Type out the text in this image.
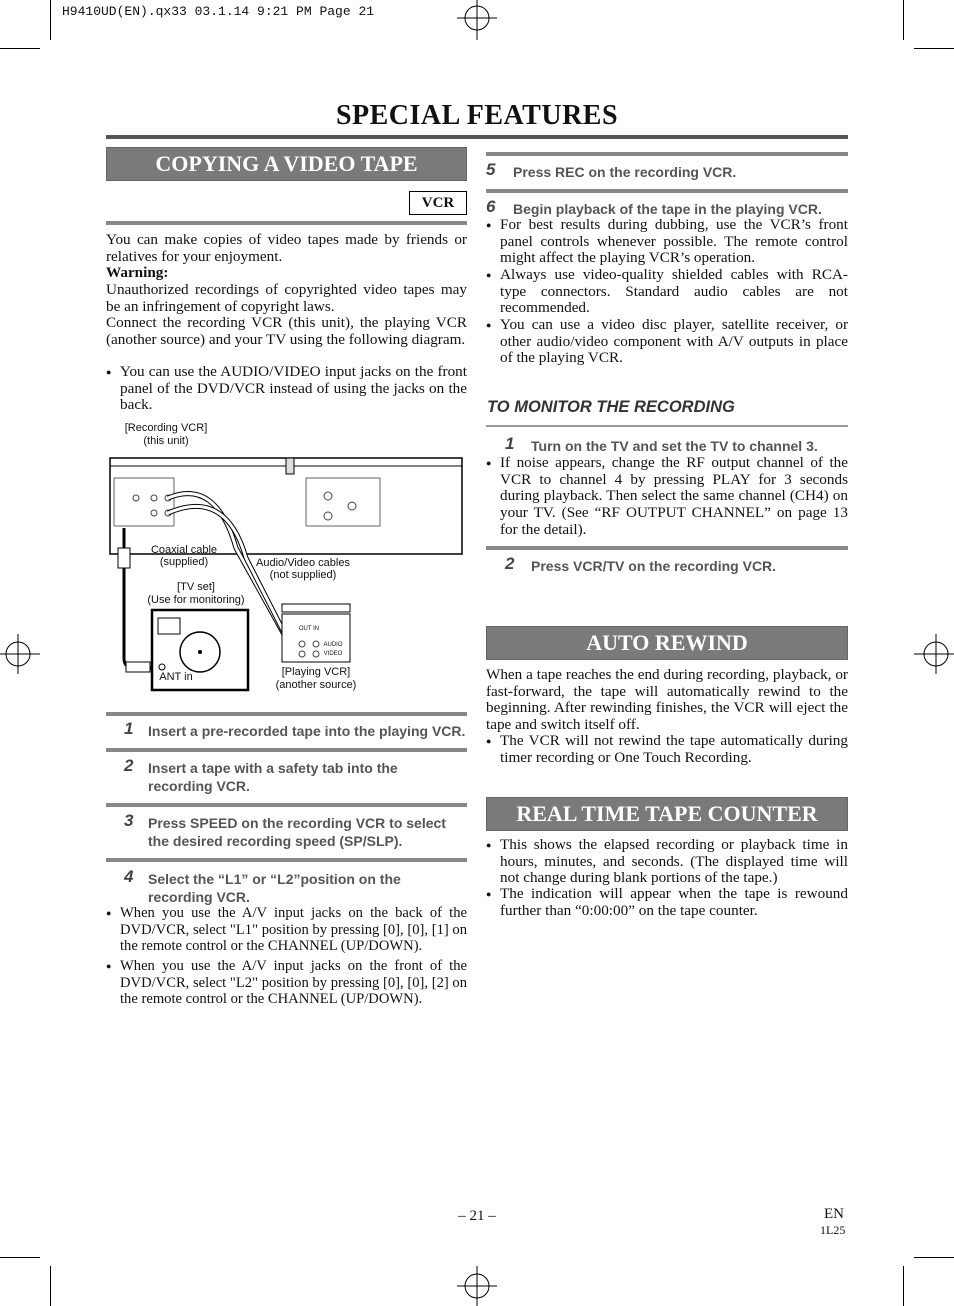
H9410UD(EN).qx33 03.1.14 9:21 PM Page 21
SPECIAL FEATURES
COPYING A VIDEO TAPE
VCR
You can make copies of video tapes made by friends or relatives for your enjoyment.
Warning:
Unauthorized recordings of copyrighted video tapes may be an infringement of copyright laws.
Connect the recording VCR (this unit), the playing VCR (another source) and your TV using the following diagram.
● You can use the AUDIO/VIDEO input jacks on the front panel of the DVD/VCR instead of using the jacks on the back.
[Recording VCR]
(this unit)
Coaxial cable
(supplied)	Audio/Video cables
(not supplied)
[TV set]
(Use for monitoring)
ANT in
OUT IN
AUDIO
VIDEO
[Playing VCR]
(another source)
1	Insert a pre-recorded tape into the playing VCR.
2	Insert a tape with a safety tab into the recording VCR.
3	Press SPEED on the recording VCR to select the desired recording speed (SP/SLP).
4	Select the “L1” or “L2”position on the recording VCR.
● When you use the A/V input jacks on the back of the DVD/VCR, select "L1" position by pressing [0], [0], [1] on the remote control or the CHANNEL (UP/DOWN).
● When you use the A/V input jacks on the front of the DVD/VCR, select "L2" position by pressing [0], [0], [2] on the remote control or the CHANNEL (UP/DOWN).
5	Press REC on the recording VCR.
6	Begin playback of the tape in the playing VCR.
● For best results during dubbing, use the VCR’s front panel controls whenever possible. The remote control might affect the playing VCR’s operation.
● Always use video-quality shielded cables with RCA-type connectors. Standard audio cables are not recommended.
● You can use a video disc player, satellite receiver, or other audio/video component with A/V outputs in place of the playing VCR.
TO MONITOR THE RECORDING
1	Turn on the TV and set the TV to channel 3.
● If noise appears, change the RF output channel of the VCR to channel 4 by pressing PLAY for 3 seconds during playback. Then select the same channel (CH4) on your TV. (See “RF OUTPUT CHANNEL” on page 13 for the detail).
2	Press VCR/TV on the recording VCR.
AUTO REWIND
When a tape reaches the end during recording, playback, or fast-forward, the tape will automatically rewind to the beginning. After rewinding finishes, the VCR will eject the tape and switch itself off.
● The VCR will not rewind the tape automatically during timer recording or One Touch Recording.
REAL TIME TAPE COUNTER
● This shows the elapsed recording or playback time in hours, minutes, and seconds. (The displayed time will not change during blank portions of the tape.)
● The indication will appear when the tape is rewound further than “0:00:00” on the tape counter.
– 21 –	EN
1L25
